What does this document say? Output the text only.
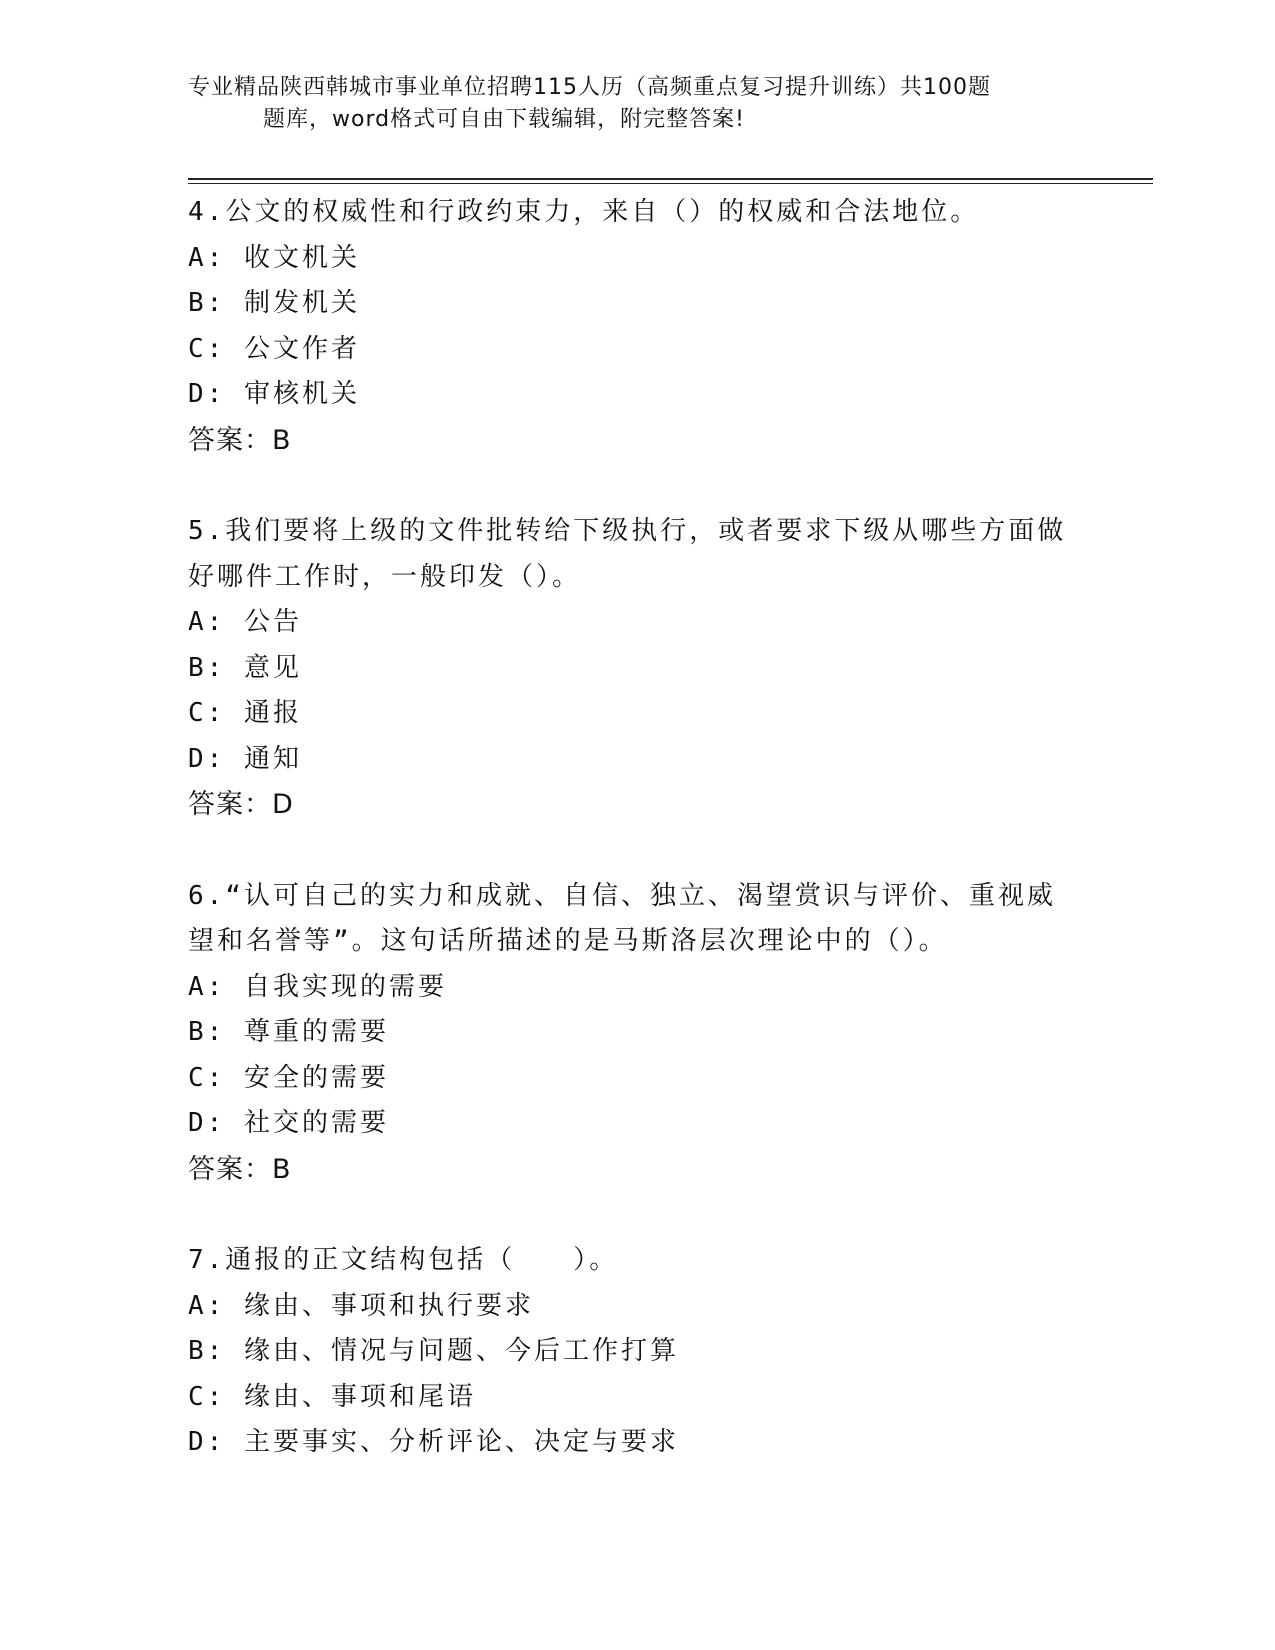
专业精品陕西韩城市事业单位招聘115人历（高频重点复习提升训练）共100题
题库，word格式可自由下载编辑，附完整答案!
4.公文的权威性和行政约束力，来自（）的权威和合法地位。
A: 收文机关
B: 制发机关
C: 公文作者
D: 审核机关
答案：B
5.我们要将上级的文件批转给下级执行，或者要求下级从哪些方面做
好哪件工作时，一般印发（）。
A: 公告
B: 意见
C: 通报
D: 通知
答案：D
6.“认可自己的实力和成就、自信、独立、渴望赏识与评价、重视威
望和名誉等”。这句话所描述的是马斯洛层次理论中的（）。
A: 自我实现的需要
B: 尊重的需要
C: 安全的需要
D: 社交的需要
答案：B
7.通报的正文结构包括（　　）。
A: 缘由、事项和执行要求
B: 缘由、情况与问题、今后工作打算
C: 缘由、事项和尾语
D: 主要事实、分析评论、决定与要求
